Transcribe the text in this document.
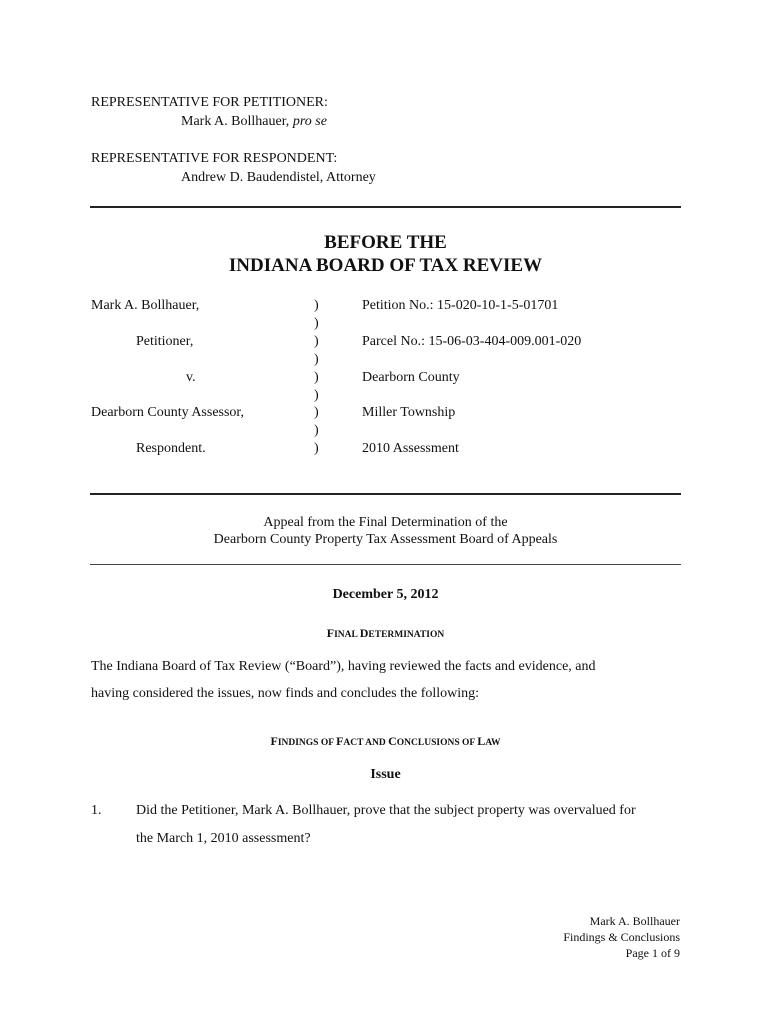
REPRESENTATIVE FOR PETITIONER:
Mark A. Bollhauer, pro se
REPRESENTATIVE FOR RESPONDENT:
Andrew D. Baudendistel, Attorney
BEFORE THE
INDIANA BOARD OF TAX REVIEW
Mark A. Bollhauer,
Petitioner,
v.
Dearborn County Assessor,
Respondent.
)
)
)
)
)
)
)
)
)
Petition No.: 15-020-10-1-5-01701
Parcel No.: 15-06-03-404-009.001-020
Dearborn County
Miller Township
2010 Assessment
Appeal from the Final Determination of the
Dearborn County Property Tax Assessment Board of Appeals
December 5, 2012
FINAL DETERMINATION
The Indiana Board of Tax Review (“Board”), having reviewed the facts and evidence, and
having considered the issues, now finds and concludes the following:
FINDINGS OF FACT AND CONCLUSIONS OF LAW
Issue
1. Did the Petitioner, Mark A. Bollhauer, prove that the subject property was overvalued for
the March 1, 2010 assessment?
Mark A. Bollhauer
Findings & Conclusions
Page 1 of 9
